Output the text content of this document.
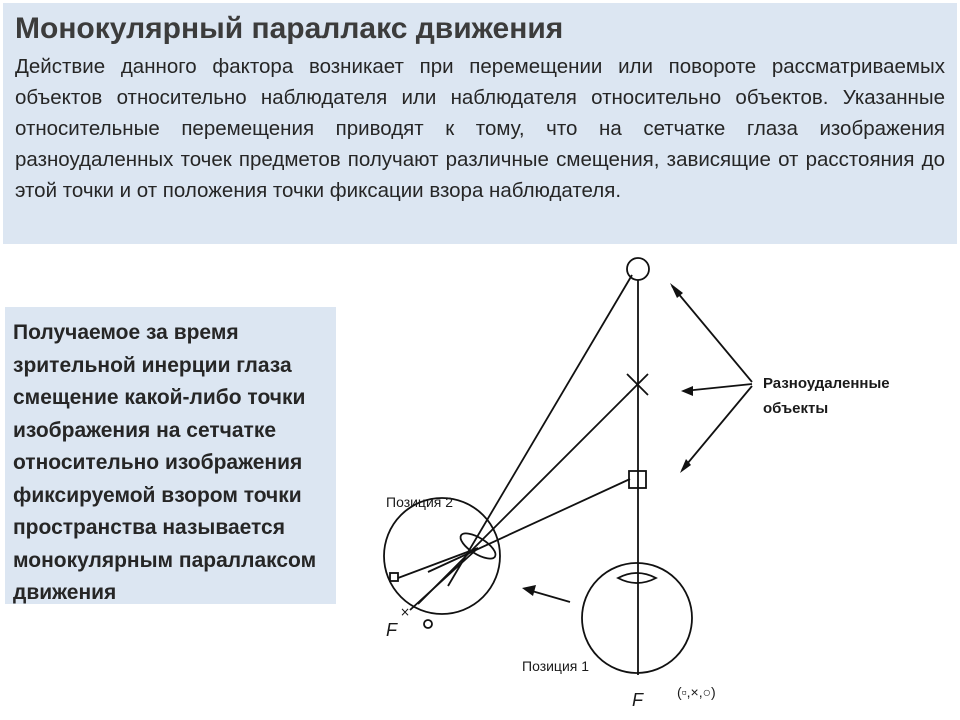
Монокулярный параллакс движения

Действие данного фактора возникает при перемещении или повороте рассматриваемых объектов относительно наблюдателя или наблюдателя относительно объектов. Указанные относительные перемещения приводят к тому, что на сетчатке глаза изображения разноудаленных точек предметов получают различные смещения, зависящие от расстояния до этой точки и от положения точки фиксации взора наблюдателя.

Получаемое за время зрительной инерции глаза смещение какой-либо точки изображения на сетчатке относительно изображения фиксируемой взором точки пространства называется монокулярным параллаксом движения

×
Разноудаленные
объекты
Позиция 2
Позиция 1
F
F (▫,×,○)
